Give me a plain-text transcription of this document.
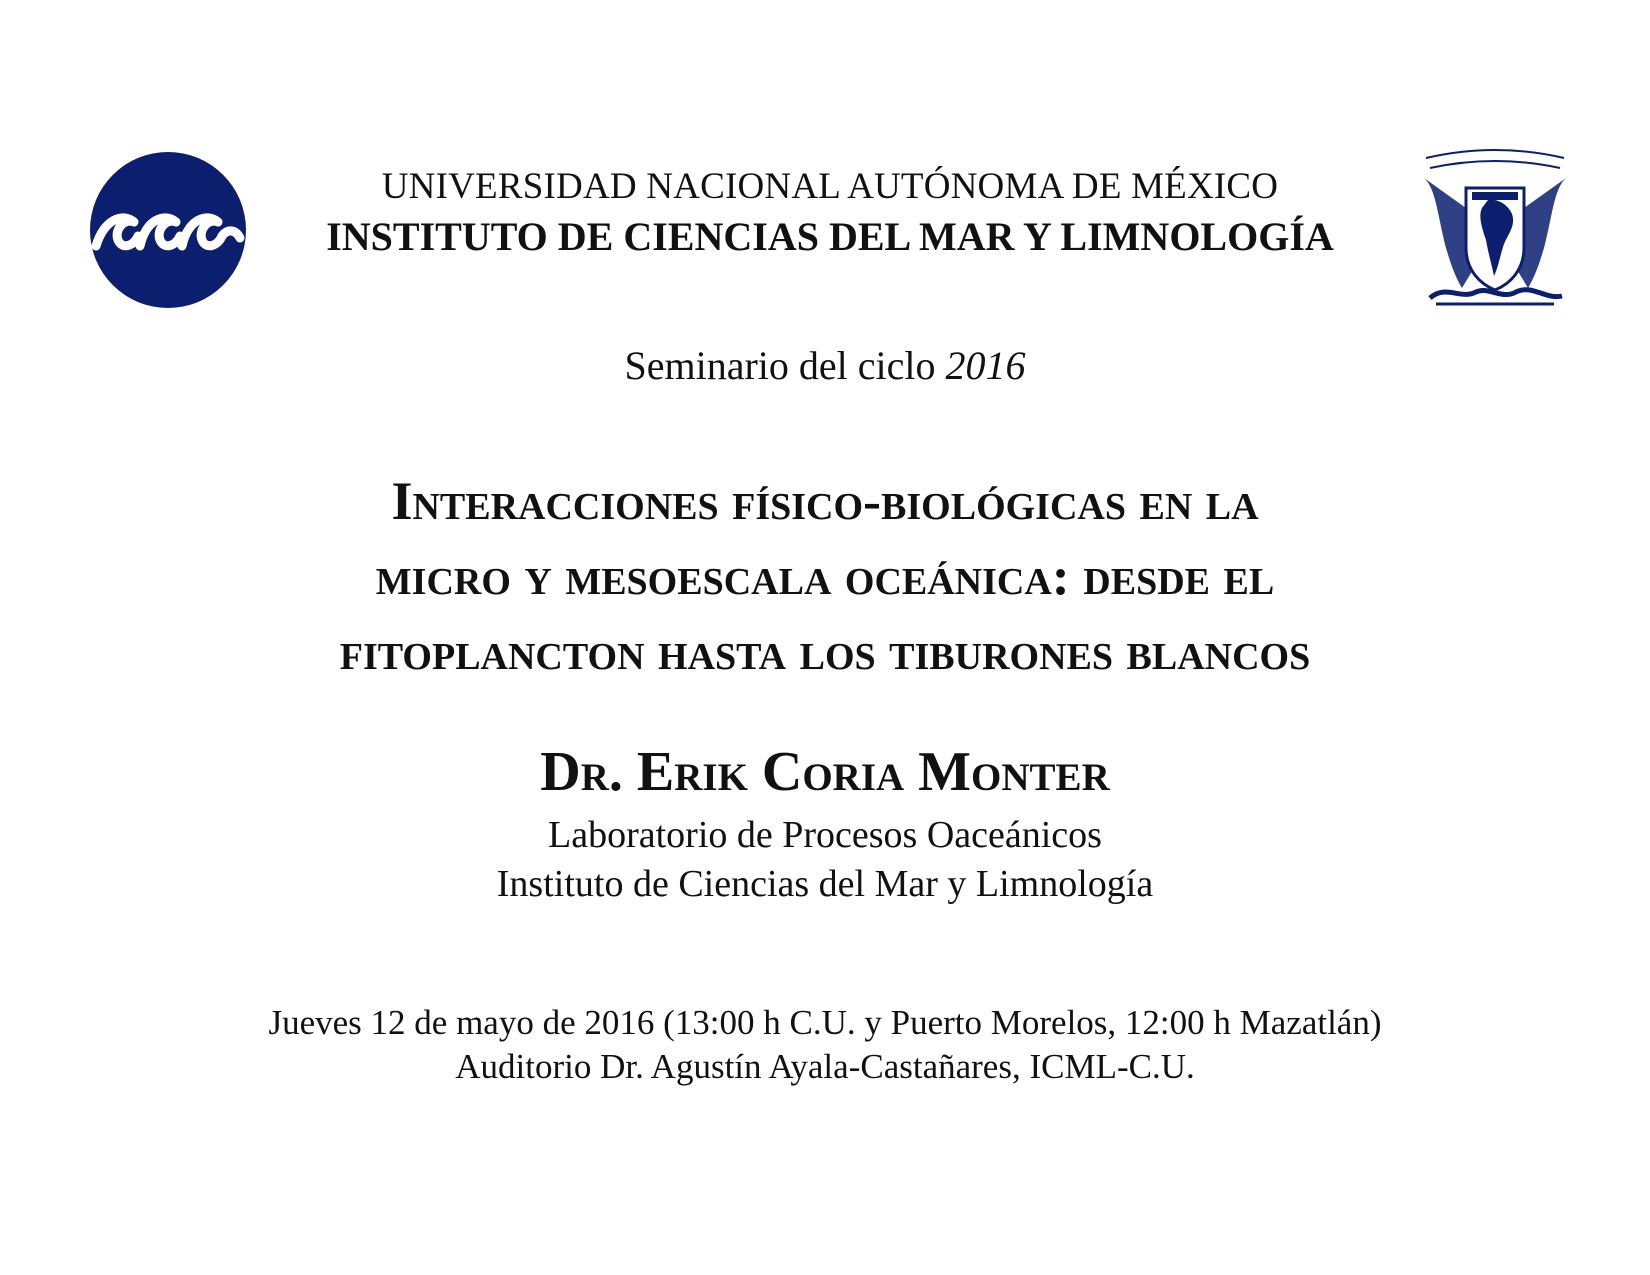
UNIVERSIDAD NACIONAL AUTÓNOMA DE MÉXICO
INSTITUTO DE CIENCIAS DEL MAR Y LIMNOLOGÍA
Seminario del ciclo 2016
Interacciones físico-biológicas en la
micro y mesoescala oceánica: desde el
fitoplancton hasta los tiburones blancos
Dr. Erik Coria Monter
Laboratorio de Procesos Oaceánicos
Instituto de Ciencias del Mar y Limnología
Jueves 12 de mayo de 2016 (13:00 h C.U. y Puerto Morelos, 12:00 h Mazatlán)
Auditorio Dr. Agustín Ayala-Castañares, ICML-C.U.
